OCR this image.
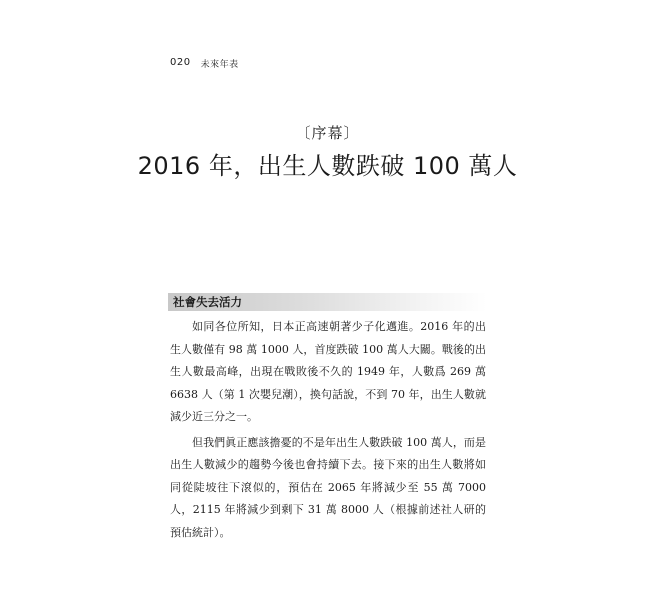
020 未來年表
〔序幕〕
2016 年，出生人數跌破 100 萬人
社會失去活力

如同各位所知，日本正高速朝著少子化邁進。2016 年的出生人數僅有 98 萬 1000 人，首度跌破 100 萬人大關。戰後的出生人數最高峰，出現在戰敗後不久的 1949 年，人數爲 269 萬 6638 人（第 1 次嬰兒潮），換句話說，不到 70 年，出生人數就減少近三分之一。

但我們眞正應該擔憂的不是年出生人數跌破 100 萬人，而是出生人數減少的趨勢今後也會持續下去。接下來的出生人數將如同從陡坡往下滾似的，預估在 2065 年將減少至 55 萬 7000 人，2115 年將減少到剩下 31 萬 8000 人（根據前述社人研的預估統計）。
